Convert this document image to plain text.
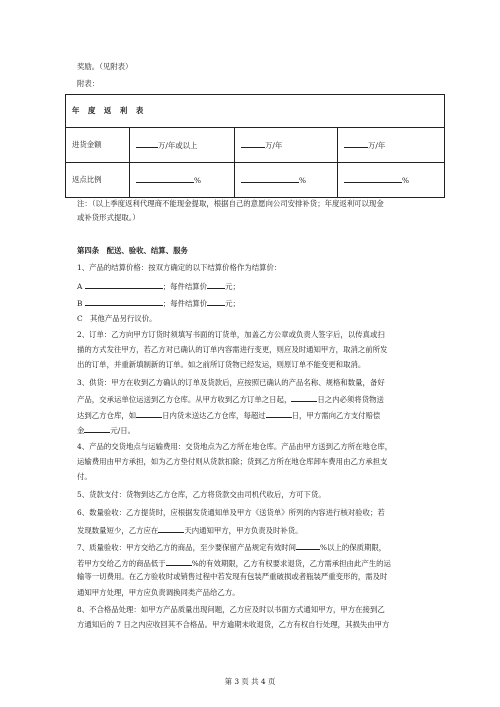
奖励。（见附表）
附表：
年 度 返 利 表			
进货金额	万/年或以上	万/年	万/年
返点比例	%	%	%
注：（以上季度返利代理商不能现金提取，根据自己的意愿向公司安排补货；年度返利可以现金
或补货形式提取。）
第四条　配送、验收、结算、服务
1、产品的结算价格：按双方确定的以下结算价格作为结算价：
A	；每件结算价 元；
B	；每件结算价 元；
C　其他产品另行议价。
2、订单：乙方向甲方订货时须填写书面的订货单，加盖乙方公章或负责人签字后，以传真或扫
描的方式发往甲方，若乙方对已确认的订单内容需进行变更，则应及时通知甲方，取消之前所发
出的订单，并重新填制新的订单。如之前所订货物已经发运，则原订单不能变更和取消。
3、供货：甲方在收到乙方确认的订单及货款后，应按照已确认的产品名称、规格和数量，备好
产品，交承运单位运送到乙方仓库。从甲方收到乙方订单之日起，	日之内必须将货物送
达到乙方仓库，如	日内货未送达乙方仓库，每超过	日，甲方需向乙方支付赔偿
金	元/日。
4、产品的交货地点与运输费用：交货地点为乙方所在地仓库。产品由甲方送到乙方所在地仓库，
运输费用由甲方承担，如为乙方垫付则从货款扣除；货到乙方所在地仓库卸车费用由乙方承担支
付。
5、货款支付：货物到达乙方仓库，乙方将货款交由司机代收后，方可下货。
6、数量验收：乙方提货时，应根据发货通知单及甲方《送货单》所列的内容进行核对验收；若
发现数量短少，乙方应在	天内通知甲方，甲方负责及时补货。
7、质量验收：甲方交给乙方的商品，至少要保留产品规定有效时间	%以上的保质期限，
若甲方交给乙方的商品低于	%的有效期限，乙方有权要求退货，乙方需承担由此产生的运
输等一切费用。在乙方验收时或销售过程中若发现有包装严重破损或者瓶装严重变形的，需及时
通知甲方处理，甲方应负责调换同类产品给乙方。
8、不合格品处理：如甲方产品质量出现问题，乙方应及时以书面方式通知甲方，甲方在接到乙
方通知后的 7 日之内应收回其不合格品。甲方逾期未收退货，乙方有权自行处理，其损失由甲方
第 3 页 共 4 页
